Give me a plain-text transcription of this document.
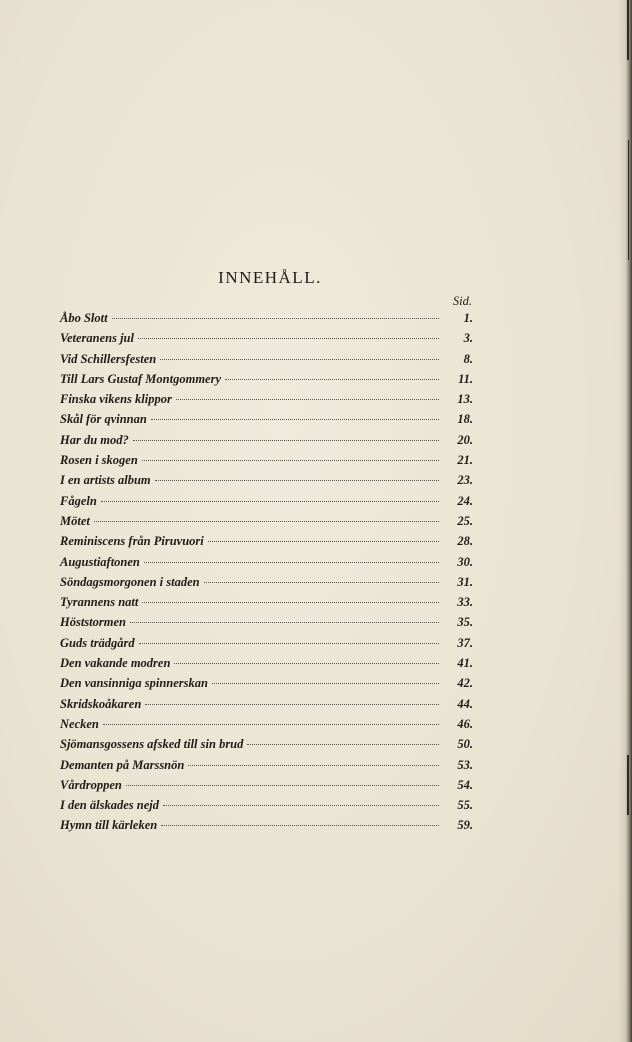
INNEHÅLL.
Sid.
Åbo Slott	1.
Veteranens jul	3.
Vid Schillersfesten	8.
Till Lars Gustaf Montgommery	11.
Finska vikens klippor	13.
Skål för qvinnan	18.
Har du mod?	20.
Rosen i skogen	21.
I en artists album	23.
Fågeln	24.
Mötet	25.
Reminiscens från Piruvuori	28.
Augustiaftonen	30.
Söndagsmorgonen i staden	31.
Tyrannens natt	33.
Höststormen	35.
Guds trädgård	37.
Den vakande modren	41.
Den vansinniga spinnerskan	42.
Skridskoåkaren	44.
Necken	46.
Sjömansgossens afsked till sin brud	50.
Demanten på Marssnön	53.
Vårdroppen	54.
I den älskades nejd	55.
Hymn till kärleken	59.
